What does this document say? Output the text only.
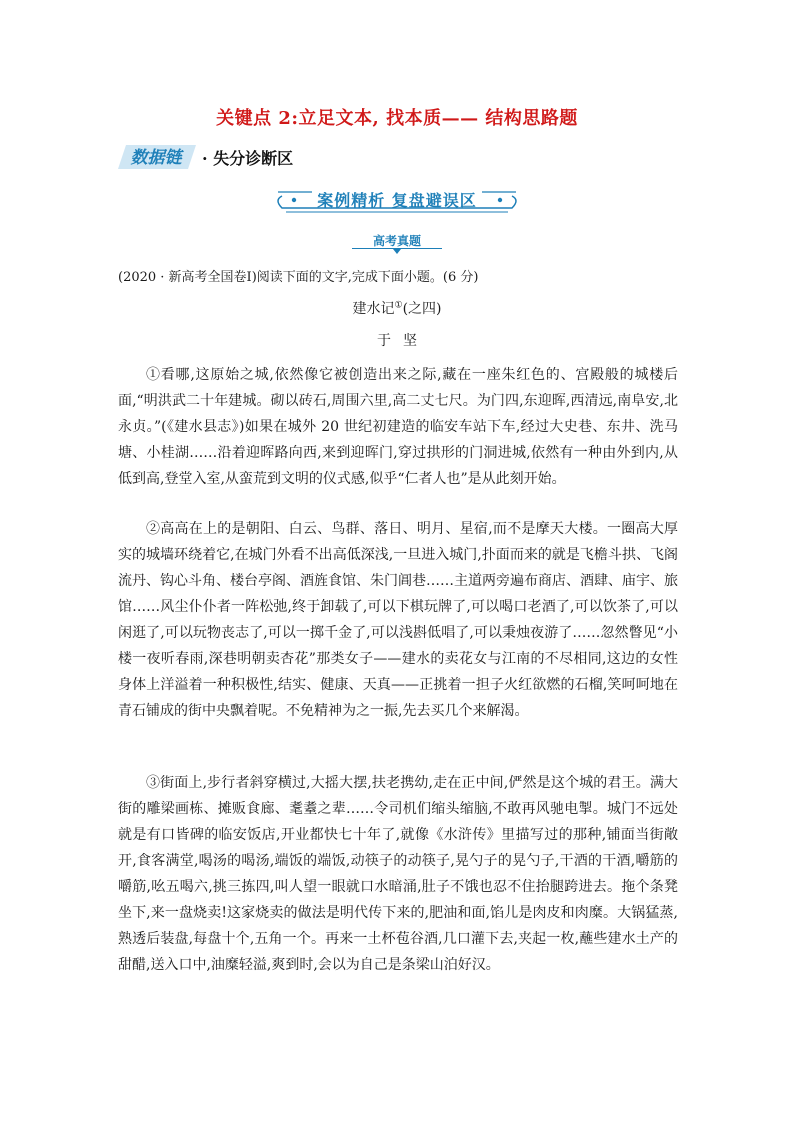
关键点 2:立足文本, 找本质—— 结构思路题
数据链 · 失分诊断区
案例精析 复盘避误区
高考真题

(2020 · 新高考全国卷Ⅰ)阅读下面的文字,完成下面小题。(6 分)

建水记①(之四)

于坚

①看哪,这原始之城,依然像它被创造出来之际,藏在一座朱红色的、宫殿般的城楼后面,“明洪武二十年建城。砌以砖石,周围六里,高二丈七尺。为门四,东迎晖,西清远,南阜安,北永贞。”(《建水县志》)如果在城外 20 世纪初建造的临安车站下车,经过大史巷、东井、洗马塘、小桂湖……沿着迎晖路向西,来到迎晖门,穿过拱形的门洞进城,依然有一种由外到内,从低到高,登堂入室,从蛮荒到文明的仪式感,似乎“仁者人也”是从此刻开始。

②高高在上的是朝阳、白云、鸟群、落日、明月、星宿,而不是摩天大楼。一圈高大厚实的城墙环绕着它,在城门外看不出高低深浅,一旦进入城门,扑面而来的就是飞檐斗拱、飞阁流丹、钩心斗角、楼台亭阁、酒旌食馆、朱门阊巷……主道两旁遍布商店、酒肆、庙宇、旅馆……风尘仆仆者一阵松弛,终于卸载了,可以下棋玩牌了,可以喝口老酒了,可以饮茶了,可以闲逛了,可以玩物丧志了,可以一掷千金了,可以浅斟低唱了,可以秉烛夜游了……忽然瞥见“小楼一夜听春雨,深巷明朝卖杏花”那类女子——建水的卖花女与江南的不尽相同,这边的女性身体上洋溢着一种积极性,结实、健康、天真——正挑着一担子火红欲燃的石榴,笑呵呵地在青石铺成的街中央飘着呢。不免精神为之一振,先去买几个来解渴。

③街面上,步行者斜穿横过,大摇大摆,扶老携幼,走在正中间,俨然是这个城的君王。满大街的雕梁画栋、摊贩食廊、耄耋之辈……令司机们缩头缩脑,不敢再风驰电掣。城门不远处就是有口皆碑的临安饭店,开业都快七十年了,就像《水浒传》里描写过的那种,铺面当街敞开,食客满堂,喝汤的喝汤,端饭的端饭,动筷子的动筷子,晃勺子的晃勺子,干酒的干酒,嚼筋的嚼筋,吆五喝六,挑三拣四,叫人望一眼就口水暗涌,肚子不饿也忍不住抬腿跨进去。拖个条凳坐下,来一盘烧卖!这家烧卖的做法是明代传下来的,肥油和面,馅儿是肉皮和肉糜。大锅猛蒸,熟透后装盘,每盘十个,五角一个。再来一土杯苞谷酒,几口灌下去,夹起一枚,蘸些建水土产的甜醋,送入口中,油糜轻溢,爽到时,会以为自己是条梁山泊好汉。
